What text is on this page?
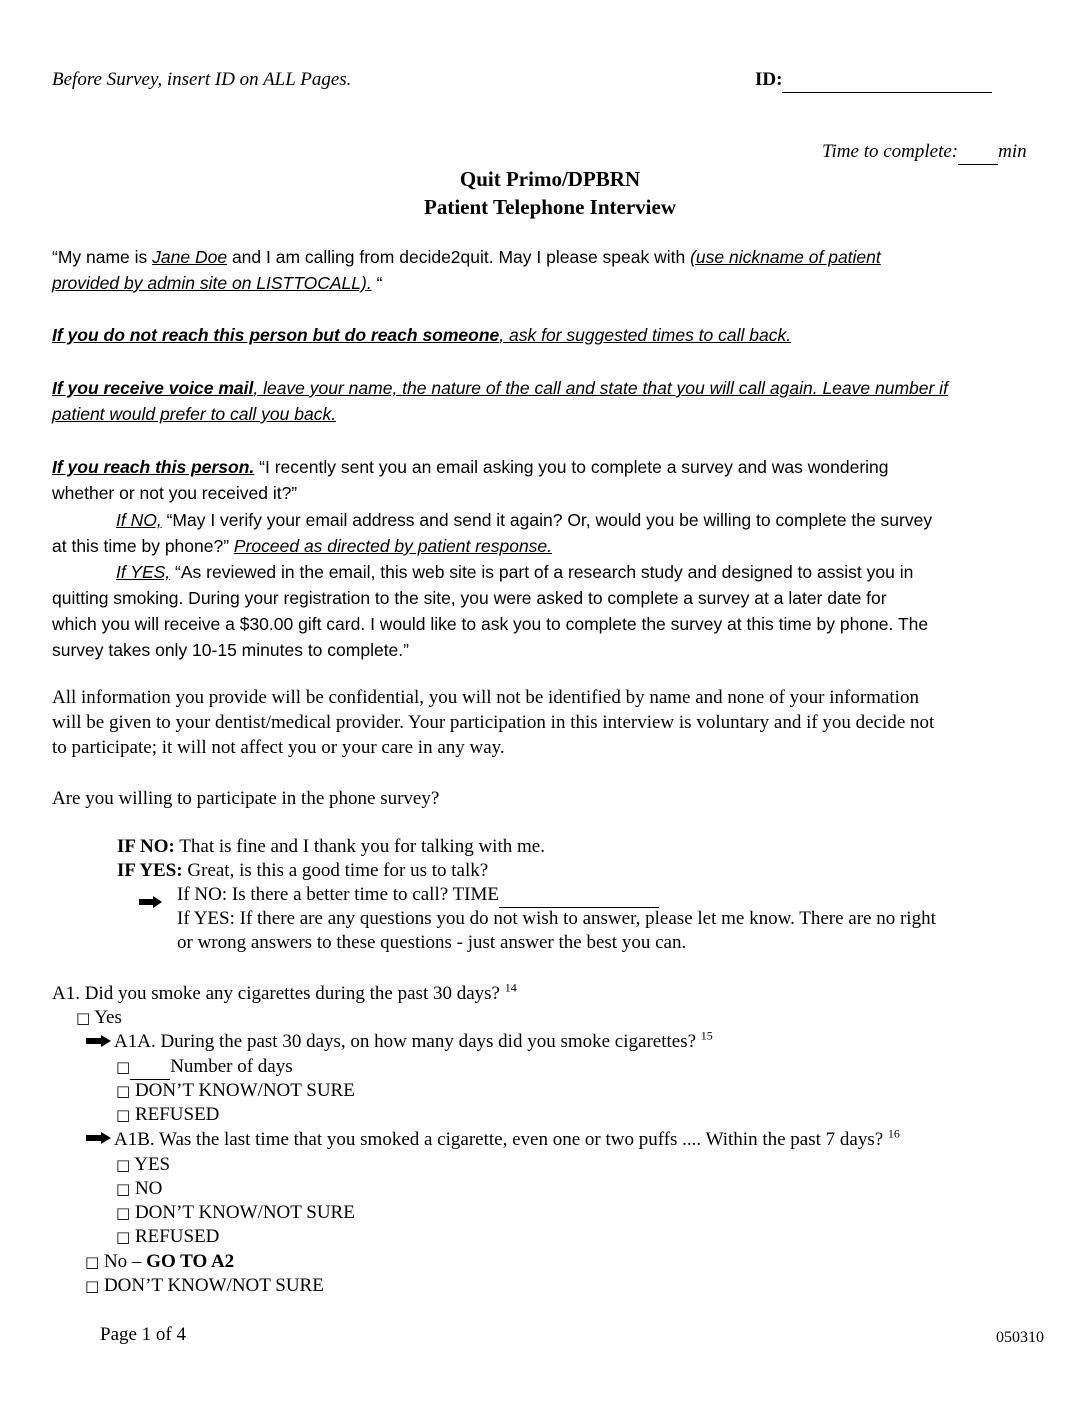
Before Survey, insert ID on ALL Pages.	ID:
Time to complete: min
Quit Primo/DPBRN
Patient Telephone Interview
“My name is Jane Doe and I am calling from decide2quit. May I please speak with (use nickname of patient
provided by admin site on LISTTOCALL). “
If you do not reach this person but do reach someone, ask for suggested times to call back.
If you receive voice mail, leave your name, the nature of the call and state that you will call again. Leave number if
patient would prefer to call you back.
If you reach this person. “I recently sent you an email asking you to complete a survey and was wondering
whether or not you received it?”
If NO, “May I verify your email address and send it again? Or, would you be willing to complete the survey
at this time by phone?” Proceed as directed by patient response.
If YES, “As reviewed in the email, this web site is part of a research study and designed to assist you in
quitting smoking. During your registration to the site, you were asked to complete a survey at a later date for
which you will receive a $30.00 gift card. I would like to ask you to complete the survey at this time by phone. The
survey takes only 10-15 minutes to complete.”
All information you provide will be confidential, you will not be identified by name and none of your information
will be given to your dentist/medical provider. Your participation in this interview is voluntary and if you decide not
to participate; it will not affect you or your care in any way.
Are you willing to participate in the phone survey?
IF NO: That is fine and I thank you for talking with me.
IF YES: Great, is this a good time for us to talk?
If NO: Is there a better time to call? TIME
If YES: If there are any questions you do not wish to answer, please let me know. There are no right
or wrong answers to these questions - just answer the best you can.
A1. Did you smoke any cigarettes during the past 30 days? $^{14}$
□ Yes
A1A. During the past 30 days, on how many days did you smoke cigarettes? $^{15}$
□ Number of days
□ DON’T KNOW/NOT SURE
□ REFUSED
A1B. Was the last time that you smoked a cigarette, even one or two puffs .... Within the past 7 days? $^{16}$
□ YES
□ NO
□ DON’T KNOW/NOT SURE
□ REFUSED
□ No – GO TO A2
□ DON’T KNOW/NOT SURE
Page 1 of 4	050310
